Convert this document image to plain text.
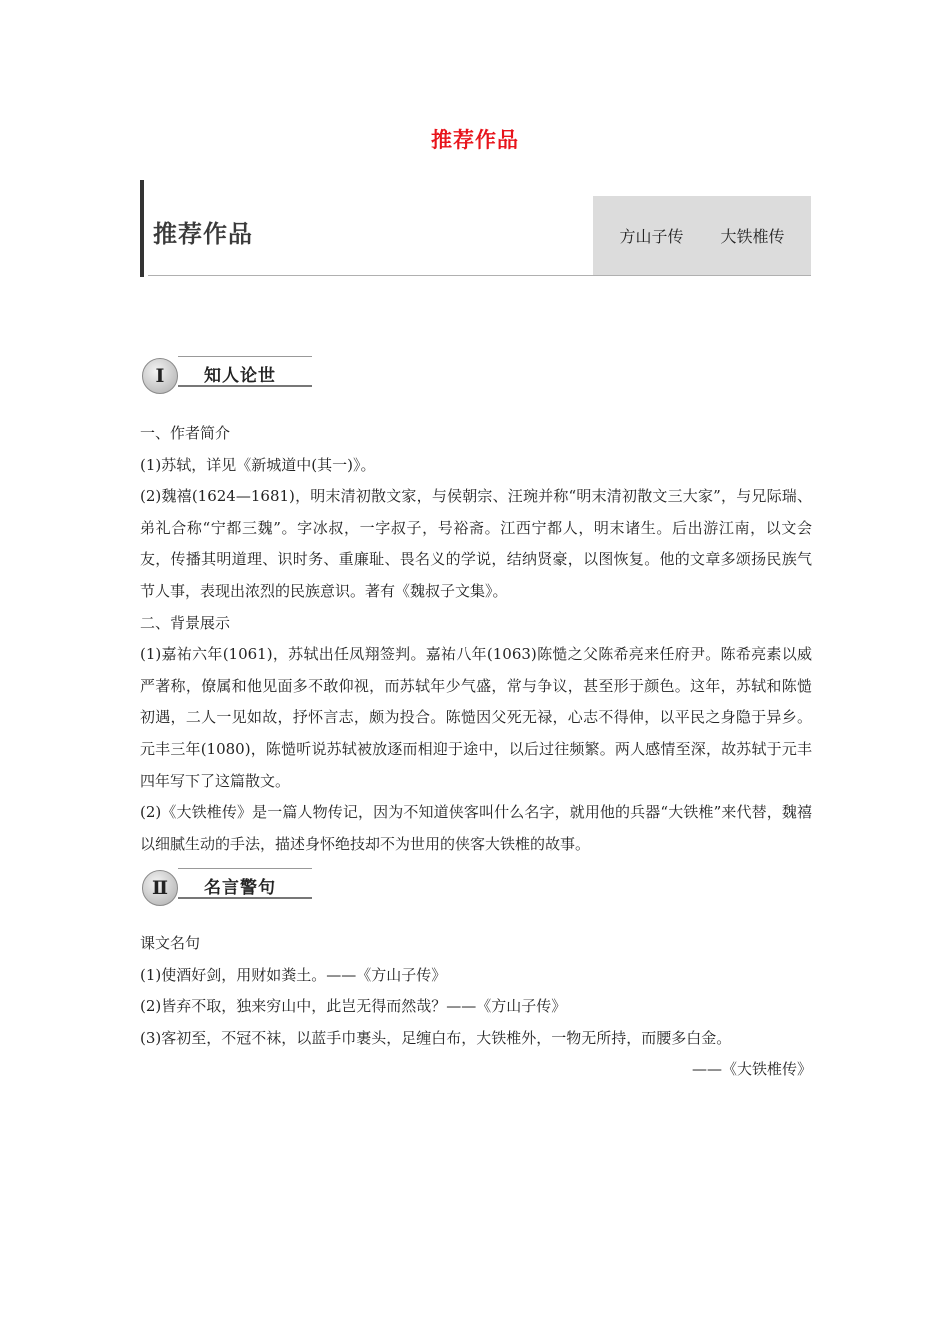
推荐作品
推荐作品	方山子传 大铁椎传
Ⅰ	知人论世

一、作者简介

(1)苏轼，详见《新城道中(其一)》。

(2)魏禧(1624—1681)，明末清初散文家，与侯朝宗、汪琬并称“明末清初散文三大家”，与兄际瑞、弟礼合称“宁都三魏”。字冰叔，一字叔子，号裕斋。江西宁都人，明末诸生。后出游江南，以文会友，传播其明道理、识时务、重廉耻、畏名义的学说，结纳贤豪，以图恢复。他的文章多颂扬民族气节人事，表现出浓烈的民族意识。著有《魏叔子文集》。

二、背景展示

(1)嘉祐六年(1061)，苏轼出任凤翔签判。嘉祐八年(1063)陈慥之父陈希亮来任府尹。陈希亮素以威严著称，僚属和他见面多不敢仰视，而苏轼年少气盛，常与争议，甚至形于颜色。这年，苏轼和陈慥初遇，二人一见如故，抒怀言志，颇为投合。陈慥因父死无禄，心志不得伸，以平民之身隐于异乡。元丰三年(1080)，陈慥听说苏轼被放逐而相迎于途中，以后过往频繁。两人感情至深，故苏轼于元丰四年写下了这篇散文。

(2)《大铁椎传》是一篇人物传记，因为不知道侠客叫什么名字，就用他的兵器“大铁椎”来代替，魏禧以细腻生动的手法，描述身怀绝技却不为世用的侠客大铁椎的故事。

Ⅱ	名言警句

课文名句

(1)使酒好剑，用财如粪土。——《方山子传》

(2)皆弃不取，独来穷山中，此岂无得而然哉？——《方山子传》

(3)客初至，不冠不袜，以蓝手巾裹头，足缠白布，大铁椎外，一物无所持，而腰多白金。

——《大铁椎传》
